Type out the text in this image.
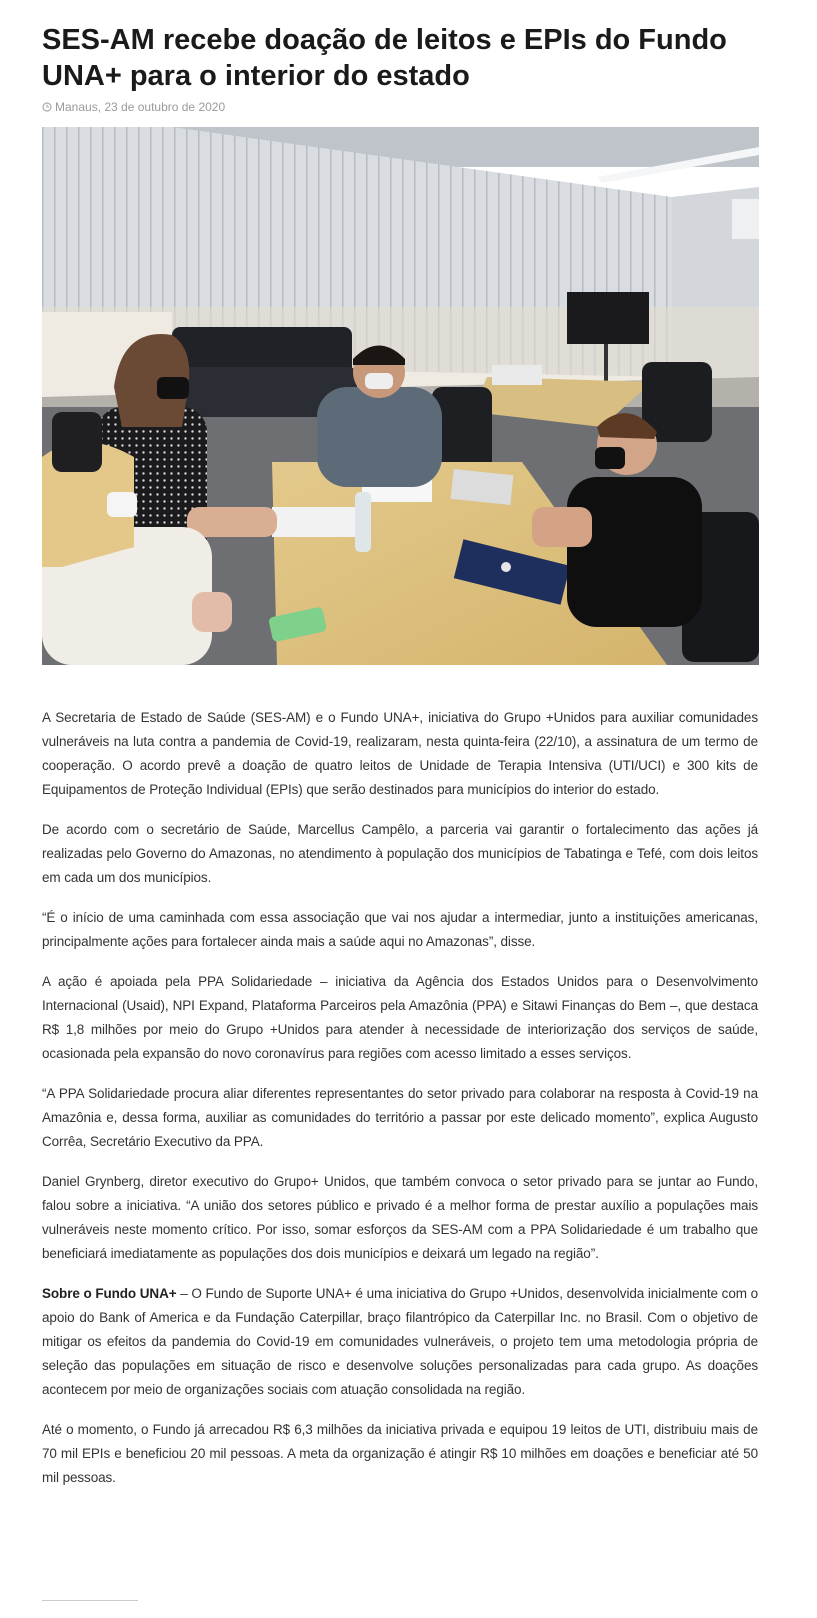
SES-AM recebe doação de leitos e EPIs do Fundo UNA+ para o interior do estado
Manaus, 23 de outubro de 2020

A Secretaria de Estado de Saúde (SES-AM) e o Fundo UNA+, iniciativa do Grupo +Unidos para auxiliar comunidades vulneráveis na luta contra a pandemia de Covid-19, realizaram, nesta quinta-feira (22/10), a assinatura de um termo de cooperação. O acordo prevê a doação de quatro leitos de Unidade de Terapia Intensiva (UTI/UCI) e 300 kits de Equipamentos de Proteção Individual (EPIs) que serão destinados para municípios do interior do estado.

De acordo com o secretário de Saúde, Marcellus Campêlo, a parceria vai garantir o fortalecimento das ações já realizadas pelo Governo do Amazonas, no atendimento à população dos municípios de Tabatinga e Tefé, com dois leitos em cada um dos municípios.

“É o início de uma caminhada com essa associação que vai nos ajudar a intermediar, junto a instituições americanas, principalmente ações para fortalecer ainda mais a saúde aqui no Amazonas”, disse.

A ação é apoiada pela PPA Solidariedade – iniciativa da Agência dos Estados Unidos para o Desenvolvimento Internacional (Usaid), NPI Expand, Plataforma Parceiros pela Amazônia (PPA) e Sitawi Finanças do Bem –, que destaca R$ 1,8 milhões por meio do Grupo +Unidos para atender à necessidade de interiorização dos serviços de saúde, ocasionada pela expansão do novo coronavírus para regiões com acesso limitado a esses serviços.

“A PPA Solidariedade procura aliar diferentes representantes do setor privado para colaborar na resposta à Covid-19 na Amazônia e, dessa forma, auxiliar as comunidades do território a passar por este delicado momento”, explica Augusto Corrêa, Secretário Executivo da PPA.

Daniel Grynberg, diretor executivo do Grupo+ Unidos, que também convoca o setor privado para se juntar ao Fundo, falou sobre a iniciativa. “A união dos setores público e privado é a melhor forma de prestar auxílio a populações mais vulneráveis neste momento crítico. Por isso, somar esforços da SES-AM com a PPA Solidariedade é um trabalho que beneficiará imediatamente as populações dos dois municípios e deixará um legado na região”.

Sobre o Fundo UNA+ – O Fundo de Suporte UNA+ é uma iniciativa do Grupo +Unidos, desenvolvida inicialmente com o apoio do Bank of America e da Fundação Caterpillar, braço filantrópico da Caterpillar Inc. no Brasil. Com o objetivo de mitigar os efeitos da pandemia do Covid-19 em comunidades vulneráveis, o projeto tem uma metodologia própria de seleção das populações em situação de risco e desenvolve soluções personalizadas para cada grupo. As doações acontecem por meio de organizações sociais com atuação consolidada na região.

Até o momento, o Fundo já arrecadou R$ 6,3 milhões da iniciativa privada e equipou 19 leitos de UTI, distribuiu mais de 70 mil EPIs e beneficiou 20 mil pessoas. A meta da organização é atingir R$ 10 milhões em doações e beneficiar até 50 mil pessoas.
